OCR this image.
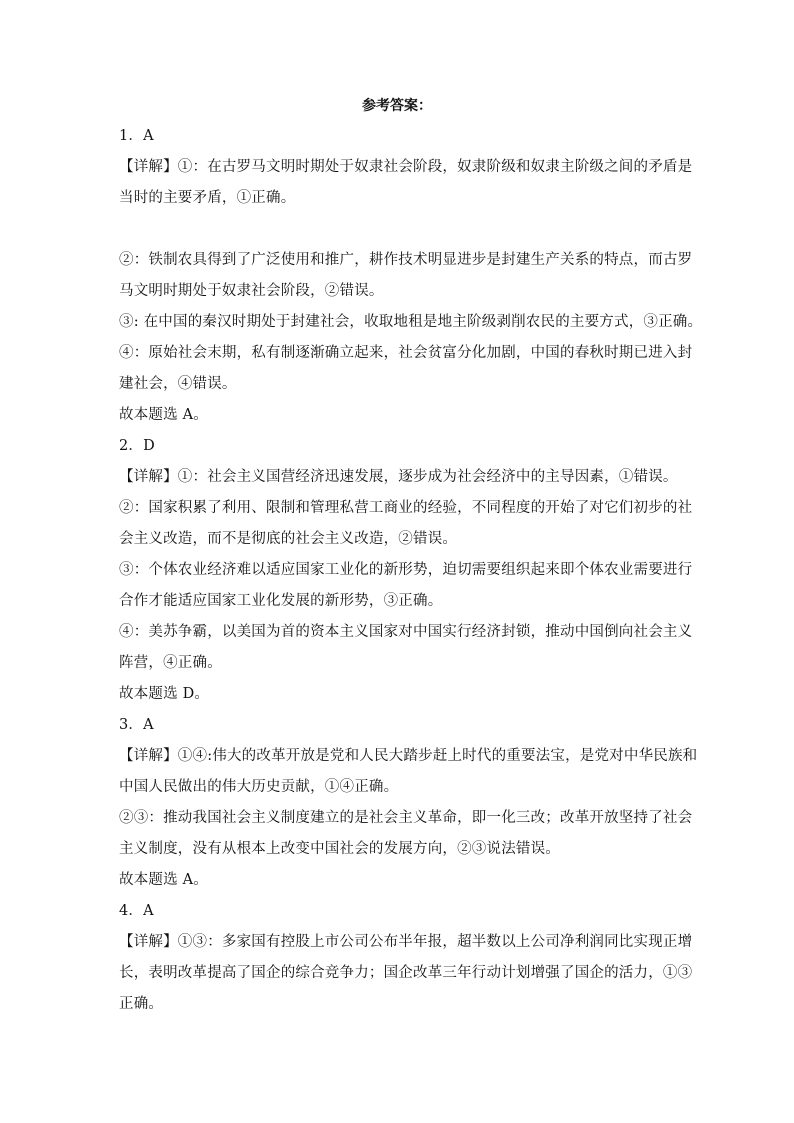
参考答案：
1．A
【详解】①：在古罗马文明时期处于奴隶社会阶段，奴隶阶级和奴隶主阶级之间的矛盾是
当时的主要矛盾，①正确。
②：铁制农具得到了广泛使用和推广，耕作技术明显进步是封建生产关系的特点，而古罗
马文明时期处于奴隶社会阶段，②错误。
③: 在中国的秦汉时期处于封建社会，收取地租是地主阶级剥削农民的主要方式，③正确。
④：原始社会末期，私有制逐渐确立起来，社会贫富分化加剧，中国的春秋时期已进入封
建社会，④错误。
故本题选 A。
2．D
【详解】①：社会主义国营经济迅速发展，逐步成为社会经济中的主导因素，①错误。
②：国家积累了利用、限制和管理私营工商业的经验，不同程度的开始了对它们初步的社
会主义改造，而不是彻底的社会主义改造，②错误。
③：个体农业经济难以适应国家工业化的新形势，迫切需要组织起来即个体农业需要进行
合作才能适应国家工业化发展的新形势，③正确。
④：美苏争霸，以美国为首的资本主义国家对中国实行经济封锁，推动中国倒向社会主义
阵营，④正确。
故本题选 D。
3．A
【详解】①④:伟大的改革开放是党和人民大踏步赶上时代的重要法宝，是党对中华民族和
中国人民做出的伟大历史贡献，①④正确。
②③：推动我国社会主义制度建立的是社会主义革命，即一化三改；改革开放坚持了社会
主义制度，没有从根本上改变中国社会的发展方向，②③说法错误。
故本题选 A。
4．A
【详解】①③：多家国有控股上市公司公布半年报，超半数以上公司净利润同比实现正增
长，表明改革提高了国企的综合竞争力；国企改革三年行动计划增强了国企的活力，①③
正确。
